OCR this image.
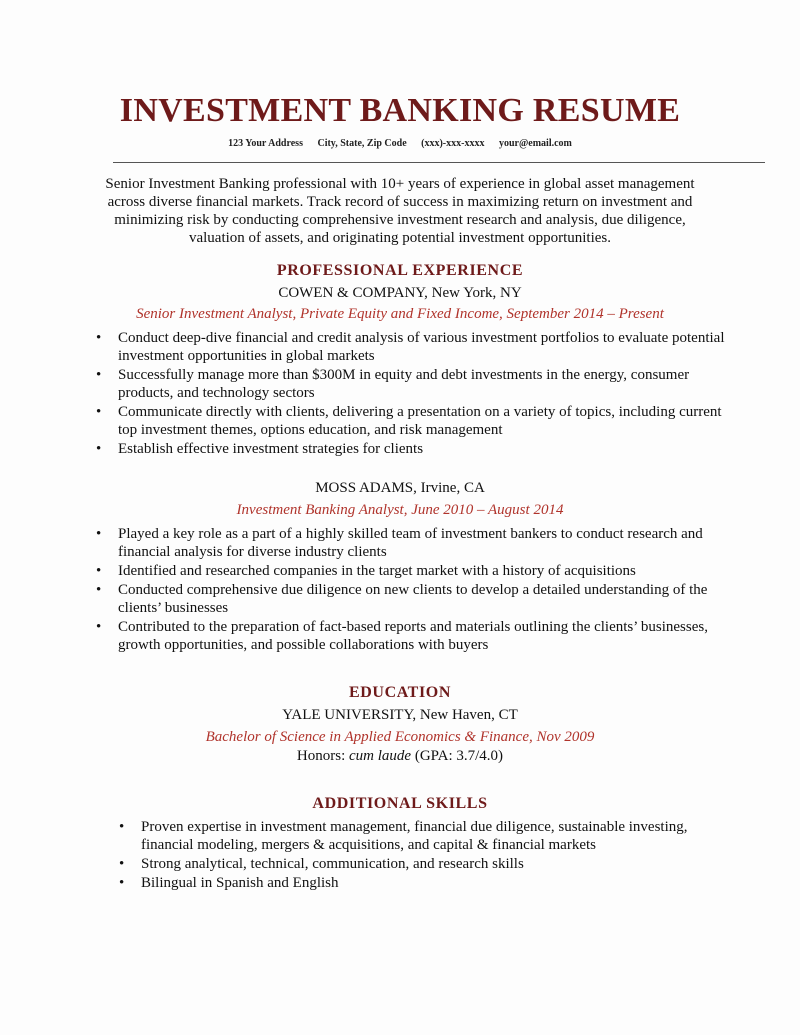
INVESTMENT BANKING RESUME
123 Your Address City, State, Zip Code (xxx)-xxx-xxxx your@email.com
Senior Investment Banking professional with 10+ years of experience in global asset management across diverse financial markets. Track record of success in maximizing return on investment and minimizing risk by conducting comprehensive investment research and analysis, due diligence, valuation of assets, and originating potential investment opportunities.
PROFESSIONAL EXPERIENCE
COWEN & COMPANY, New York, NY
Senior Investment Analyst, Private Equity and Fixed Income, September 2014 – Present
• Conduct deep-dive financial and credit analysis of various investment portfolios to evaluate potential investment opportunities in global markets
• Successfully manage more than $300M in equity and debt investments in the energy, consumer products, and technology sectors
• Communicate directly with clients, delivering a presentation on a variety of topics, including current top investment themes, options education, and risk management
• Establish effective investment strategies for clients
MOSS ADAMS, Irvine, CA
Investment Banking Analyst, June 2010 – August 2014
• Played a key role as a part of a highly skilled team of investment bankers to conduct research and financial analysis for diverse industry clients
• Identified and researched companies in the target market with a history of acquisitions
• Conducted comprehensive due diligence on new clients to develop a detailed understanding of the clients’ businesses
• Contributed to the preparation of fact-based reports and materials outlining the clients’ businesses, growth opportunities, and possible collaborations with buyers
EDUCATION
YALE UNIVERSITY, New Haven, CT
Bachelor of Science in Applied Economics & Finance, Nov 2009
Honors: cum laude (GPA: 3.7/4.0)
ADDITIONAL SKILLS
• Proven expertise in investment management, financial due diligence, sustainable investing, financial modeling, mergers & acquisitions, and capital & financial markets
• Strong analytical, technical, communication, and research skills
• Bilingual in Spanish and English
